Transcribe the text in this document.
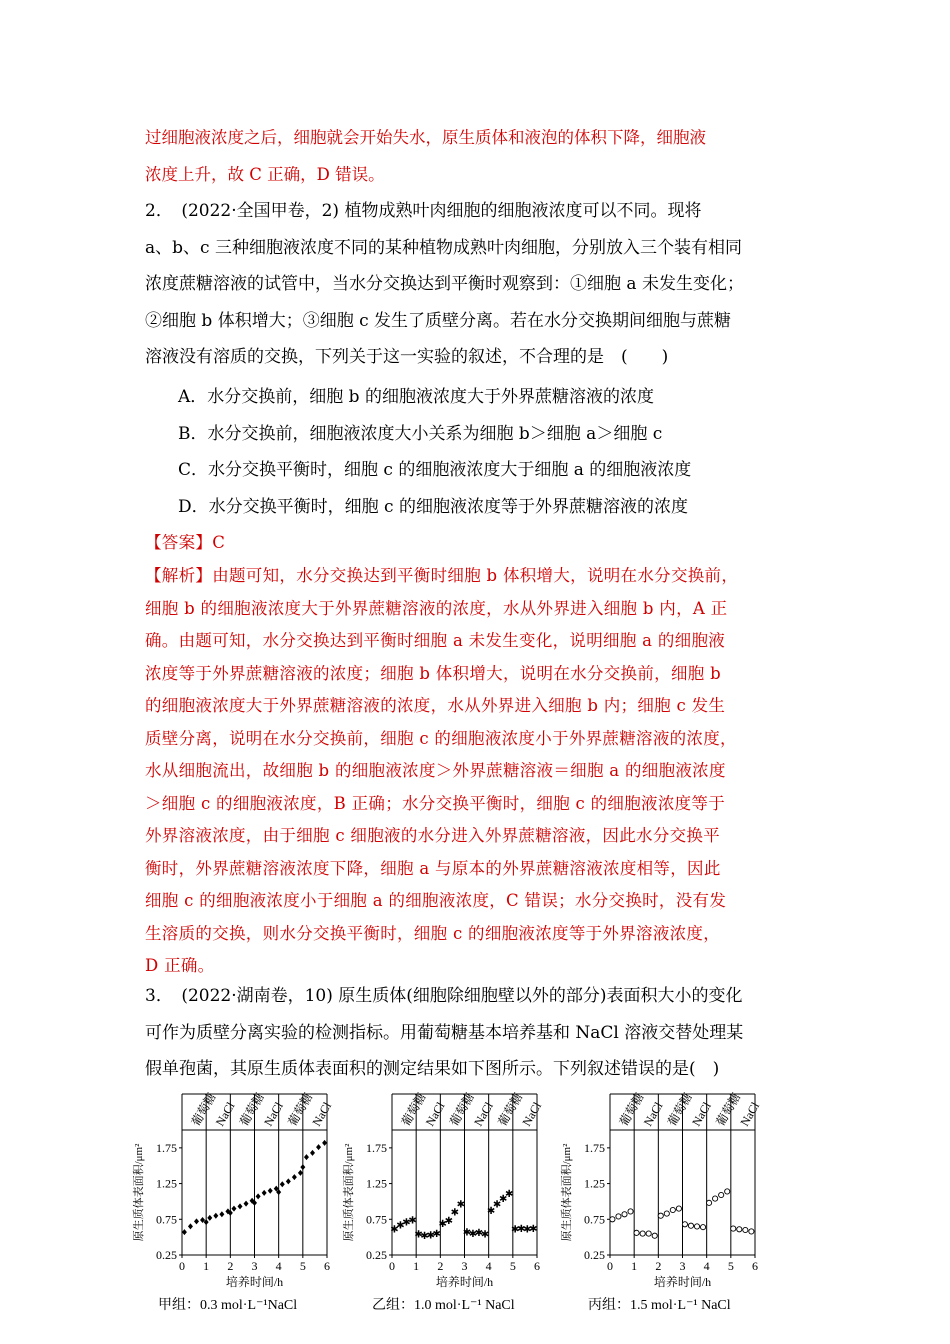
过细胞液浓度之后，细胞就会开始失水，原生质体和液泡的体积下降，细胞液
浓度上升，故 C 正确，D 错误。
2．　(2022·全国甲卷，2) 植物成熟叶肉细胞的细胞液浓度可以不同。现将
a、b、c 三种细胞液浓度不同的某种植物成熟叶肉细胞，分别放入三个装有相同
浓度蔗糖溶液的试管中，当水分交换达到平衡时观察到：①细胞 a 未发生变化；
②细胞 b 体积增大；③细胞 c 发生了质壁分离。若在水分交换期间细胞与蔗糖
溶液没有溶质的交换，下列关于这一实验的叙述，不合理的是　(　　)
A．水分交换前，细胞 b 的细胞液浓度大于外界蔗糖溶液的浓度
B．水分交换前，细胞液浓度大小关系为细胞 b＞细胞 a＞细胞 c
C．水分交换平衡时，细胞 c 的细胞液浓度大于细胞 a 的细胞液浓度
D．水分交换平衡时，细胞 c 的细胞液浓度等于外界蔗糖溶液的浓度
【答案】C
【解析】由题可知，水分交换达到平衡时细胞 b 体积增大，说明在水分交换前，
细胞 b 的细胞液浓度大于外界蔗糖溶液的浓度，水从外界进入细胞 b 内，A 正
确。由题可知，水分交换达到平衡时细胞 a 未发生变化，说明细胞 a 的细胞液
浓度等于外界蔗糖溶液的浓度；细胞 b 体积增大，说明在水分交换前，细胞 b
的细胞液浓度大于外界蔗糖溶液的浓度，水从外界进入细胞 b 内；细胞 c 发生
质壁分离，说明在水分交换前，细胞 c 的细胞液浓度小于外界蔗糖溶液的浓度，
水从细胞流出，故细胞 b 的细胞液浓度＞外界蔗糖溶液＝细胞 a 的细胞液浓度
＞细胞 c 的细胞液浓度，B 正确；水分交换平衡时，细胞 c 的细胞液浓度等于
外界溶液浓度，由于细胞 c 细胞液的水分进入外界蔗糖溶液，因此水分交换平
衡时，外界蔗糖溶液浓度下降，细胞 a 与原本的外界蔗糖溶液浓度相等，因此
细胞 c 的细胞液浓度小于细胞 a 的细胞液浓度，C 错误；水分交换时，没有发
生溶质的交换，则水分交换平衡时，细胞 c 的细胞液浓度等于外界溶液浓度，
D 正确。
3．　(2022·湖南卷，10) 原生质体(细胞除细胞壁以外的部分)表面积大小的变化
可作为质壁分离实验的检测指标。用葡萄糖基本培养基和 NaCl 溶液交替处理某
假单孢菌，其原生质体表面积的测定结果如下图所示。下列叙述错误的是(　)
葡萄糖
NaCl 葡萄糖
NaCl 葡萄糖
NaCl
0 1 2 3 4 5 6
0.25
0.75
1.25
1.75
培养时间/h
原生质体表面积/μm²
葡萄糖
NaCl 葡萄糖
NaCl 葡萄糖
NaCl
0 1 2 3 4 5 6
0.25
0.75
1.25
1.75
培养时间/h
原生质体表面积/μm²	✱
✱
✱
✱
✱
✱
✱
✱
✱
✱
✱
✱
✱
✱
✱
✱
✱
✱
✱
✱
✱
✱
✱
✱
葡萄糖
NaCl 葡萄糖
NaCl 葡萄糖
NaCl
0 1 2 3 4 5 6
0.25
0.75
1.25
1.75
培养时间/h
原生质体表面积/μm²
甲组：0.3 mol·L⁻¹NaCl	乙组：1.0 mol·L⁻¹ NaCl	丙组：1.5 mol·L⁻¹ NaCl
